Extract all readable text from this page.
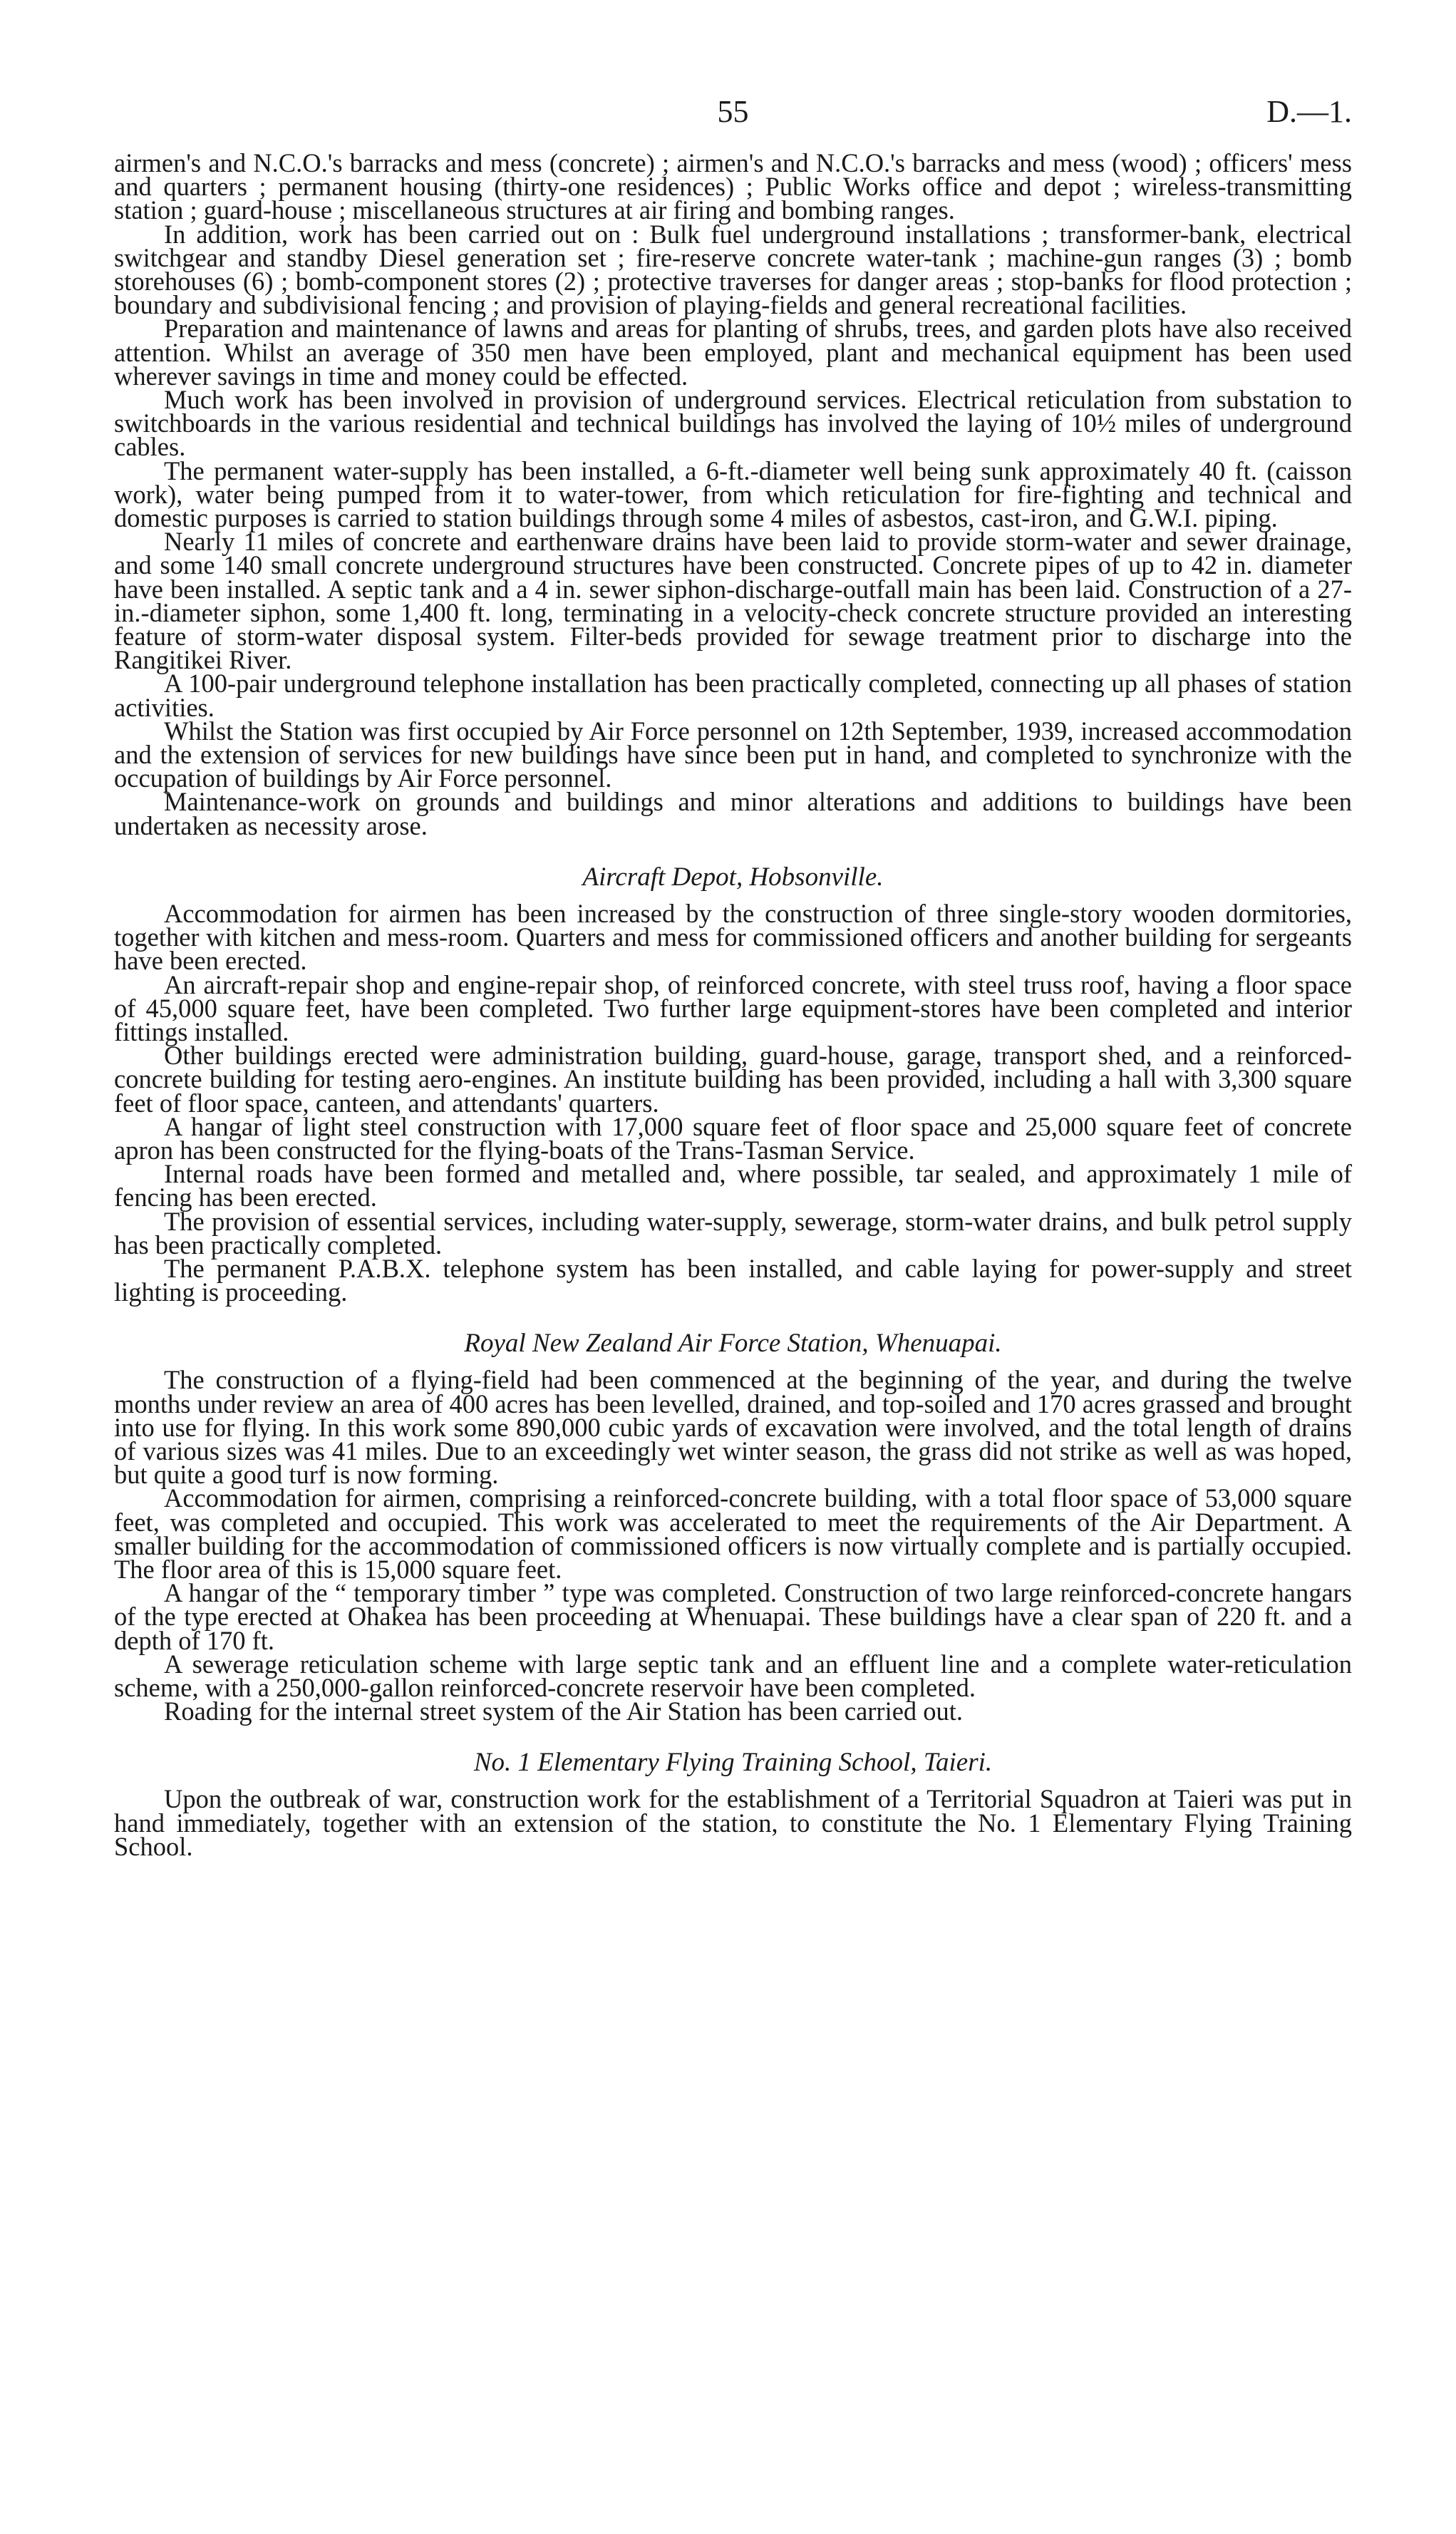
55	D.—1.

airmen's and N.C.O.'s barracks and mess (concrete) ; airmen's and N.C.O.'s barracks and mess (wood) ; officers' mess and quarters ; permanent housing (thirty-one residences) ; Public Works office and depot ; wireless-transmitting station ; guard-house ; miscellaneous structures at air firing and bombing ranges.

In addition, work has been carried out on : Bulk fuel underground installations ; transformer-bank, electrical switchgear and standby Diesel generation set ; fire-reserve concrete water-tank ; machine-gun ranges (3) ; bomb storehouses (6) ; bomb-component stores (2) ; protective traverses for danger areas ; stop-banks for flood protection ; boundary and subdivisional fencing ; and provision of playing-fields and general recreational facilities.

Preparation and maintenance of lawns and areas for planting of shrubs, trees, and garden plots have also received attention. Whilst an average of 350 men have been employed, plant and mechanical equipment has been used wherever savings in time and money could be effected.

Much work has been involved in provision of underground services. Electrical reticulation from substation to switchboards in the various residential and technical buildings has involved the laying of 10½ miles of underground cables.

The permanent water-supply has been installed, a 6-ft.-diameter well being sunk approximately 40 ft. (caisson work), water being pumped from it to water-tower, from which reticulation for fire-fighting and technical and domestic purposes is carried to station buildings through some 4 miles of asbestos, cast-iron, and G.W.I. piping.

Nearly 11 miles of concrete and earthenware drains have been laid to provide storm-water and sewer drainage, and some 140 small concrete underground structures have been constructed. Concrete pipes of up to 42 in. diameter have been installed. A septic tank and a 4 in. sewer siphon-discharge-outfall main has been laid. Construction of a 27-in.-diameter siphon, some 1,400 ft. long, terminating in a velocity-check concrete structure provided an interesting feature of storm-water disposal system. Filter-beds provided for sewage treatment prior to discharge into the Rangitikei River.

A 100-pair underground telephone installation has been practically completed, connecting up all phases of station activities.

Whilst the Station was first occupied by Air Force personnel on 12th September, 1939, increased accommodation and the extension of services for new buildings have since been put in hand, and completed to synchronize with the occupation of buildings by Air Force personnel.

Maintenance-work on grounds and buildings and minor alterations and additions to buildings have been undertaken as necessity arose.

Aircraft Depot, Hobsonville.

Accommodation for airmen has been increased by the construction of three single-story wooden dormitories, together with kitchen and mess-room. Quarters and mess for commissioned officers and another building for sergeants have been erected.

An aircraft-repair shop and engine-repair shop, of reinforced concrete, with steel truss roof, having a floor space of 45,000 square feet, have been completed. Two further large equipment-stores have been completed and interior fittings installed.

Other buildings erected were administration building, guard-house, garage, transport shed, and a reinforced-concrete building for testing aero-engines. An institute building has been provided, including a hall with 3,300 square feet of floor space, canteen, and attendants' quarters.

A hangar of light steel construction with 17,000 square feet of floor space and 25,000 square feet of concrete apron has been constructed for the flying-boats of the Trans-Tasman Service.

Internal roads have been formed and metalled and, where possible, tar sealed, and approximately 1 mile of fencing has been erected.

The provision of essential services, including water-supply, sewerage, storm-water drains, and bulk petrol supply has been practically completed.

The permanent P.A.B.X. telephone system has been installed, and cable laying for power-supply and street lighting is proceeding.

Royal New Zealand Air Force Station, Whenuapai.

The construction of a flying-field had been commenced at the beginning of the year, and during the twelve months under review an area of 400 acres has been levelled, drained, and top-soiled and 170 acres grassed and brought into use for flying. In this work some 890,000 cubic yards of excavation were involved, and the total length of drains of various sizes was 41 miles. Due to an exceedingly wet winter season, the grass did not strike as well as was hoped, but quite a good turf is now forming.

Accommodation for airmen, comprising a reinforced-concrete building, with a total floor space of 53,000 square feet, was completed and occupied. This work was accelerated to meet the requirements of the Air Department. A smaller building for the accommodation of commissioned officers is now virtually complete and is partially occupied. The floor area of this is 15,000 square feet.

A hangar of the “ temporary timber ” type was completed. Construction of two large reinforced-concrete hangars of the type erected at Ohakea has been proceeding at Whenuapai. These buildings have a clear span of 220 ft. and a depth of 170 ft.

A sewerage reticulation scheme with large septic tank and an effluent line and a complete water-reticulation scheme, with a 250,000-gallon reinforced-concrete reservoir have been completed.

Roading for the internal street system of the Air Station has been carried out.

No. 1 Elementary Flying Training School, Taieri.

Upon the outbreak of war, construction work for the establishment of a Territorial Squadron at Taieri was put in hand immediately, together with an extension of the station, to constitute the No. 1 Elementary Flying Training School.
